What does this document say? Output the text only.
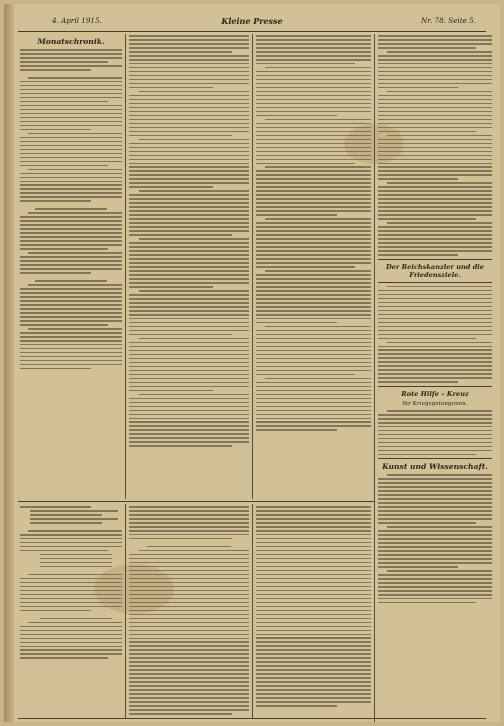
4. April 1915.	Kleine Presse	Nr. 78. Seite 5.
Monatschronik.
Der Reichskanzler und die Friedensziele.
Rote Hilfe – Kreuz
für Kriegsgefangenen.
Kunst und Wissenschaft.
